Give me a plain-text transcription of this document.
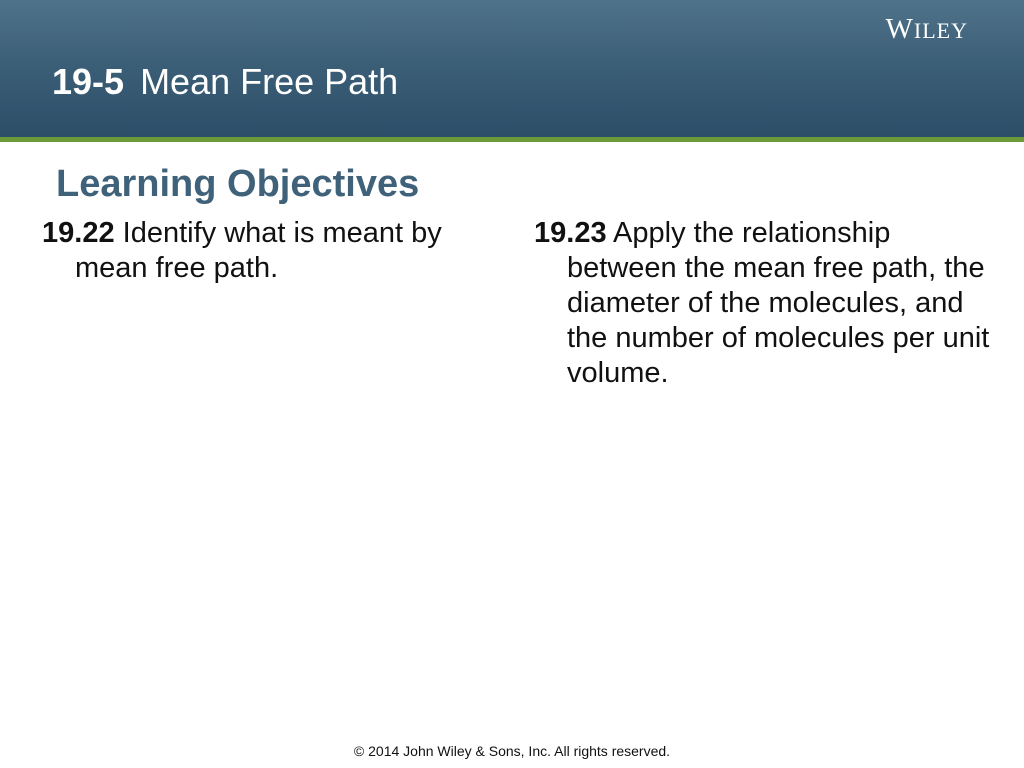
WILEY
19-5 Mean Free Path
Learning Objectives
19.22 Identify what is meant by mean free path.
19.23 Apply the relationship between the mean free path, the diameter of the molecules, and the number of molecules per unit volume.
© 2014 John Wiley & Sons, Inc. All rights reserved.
